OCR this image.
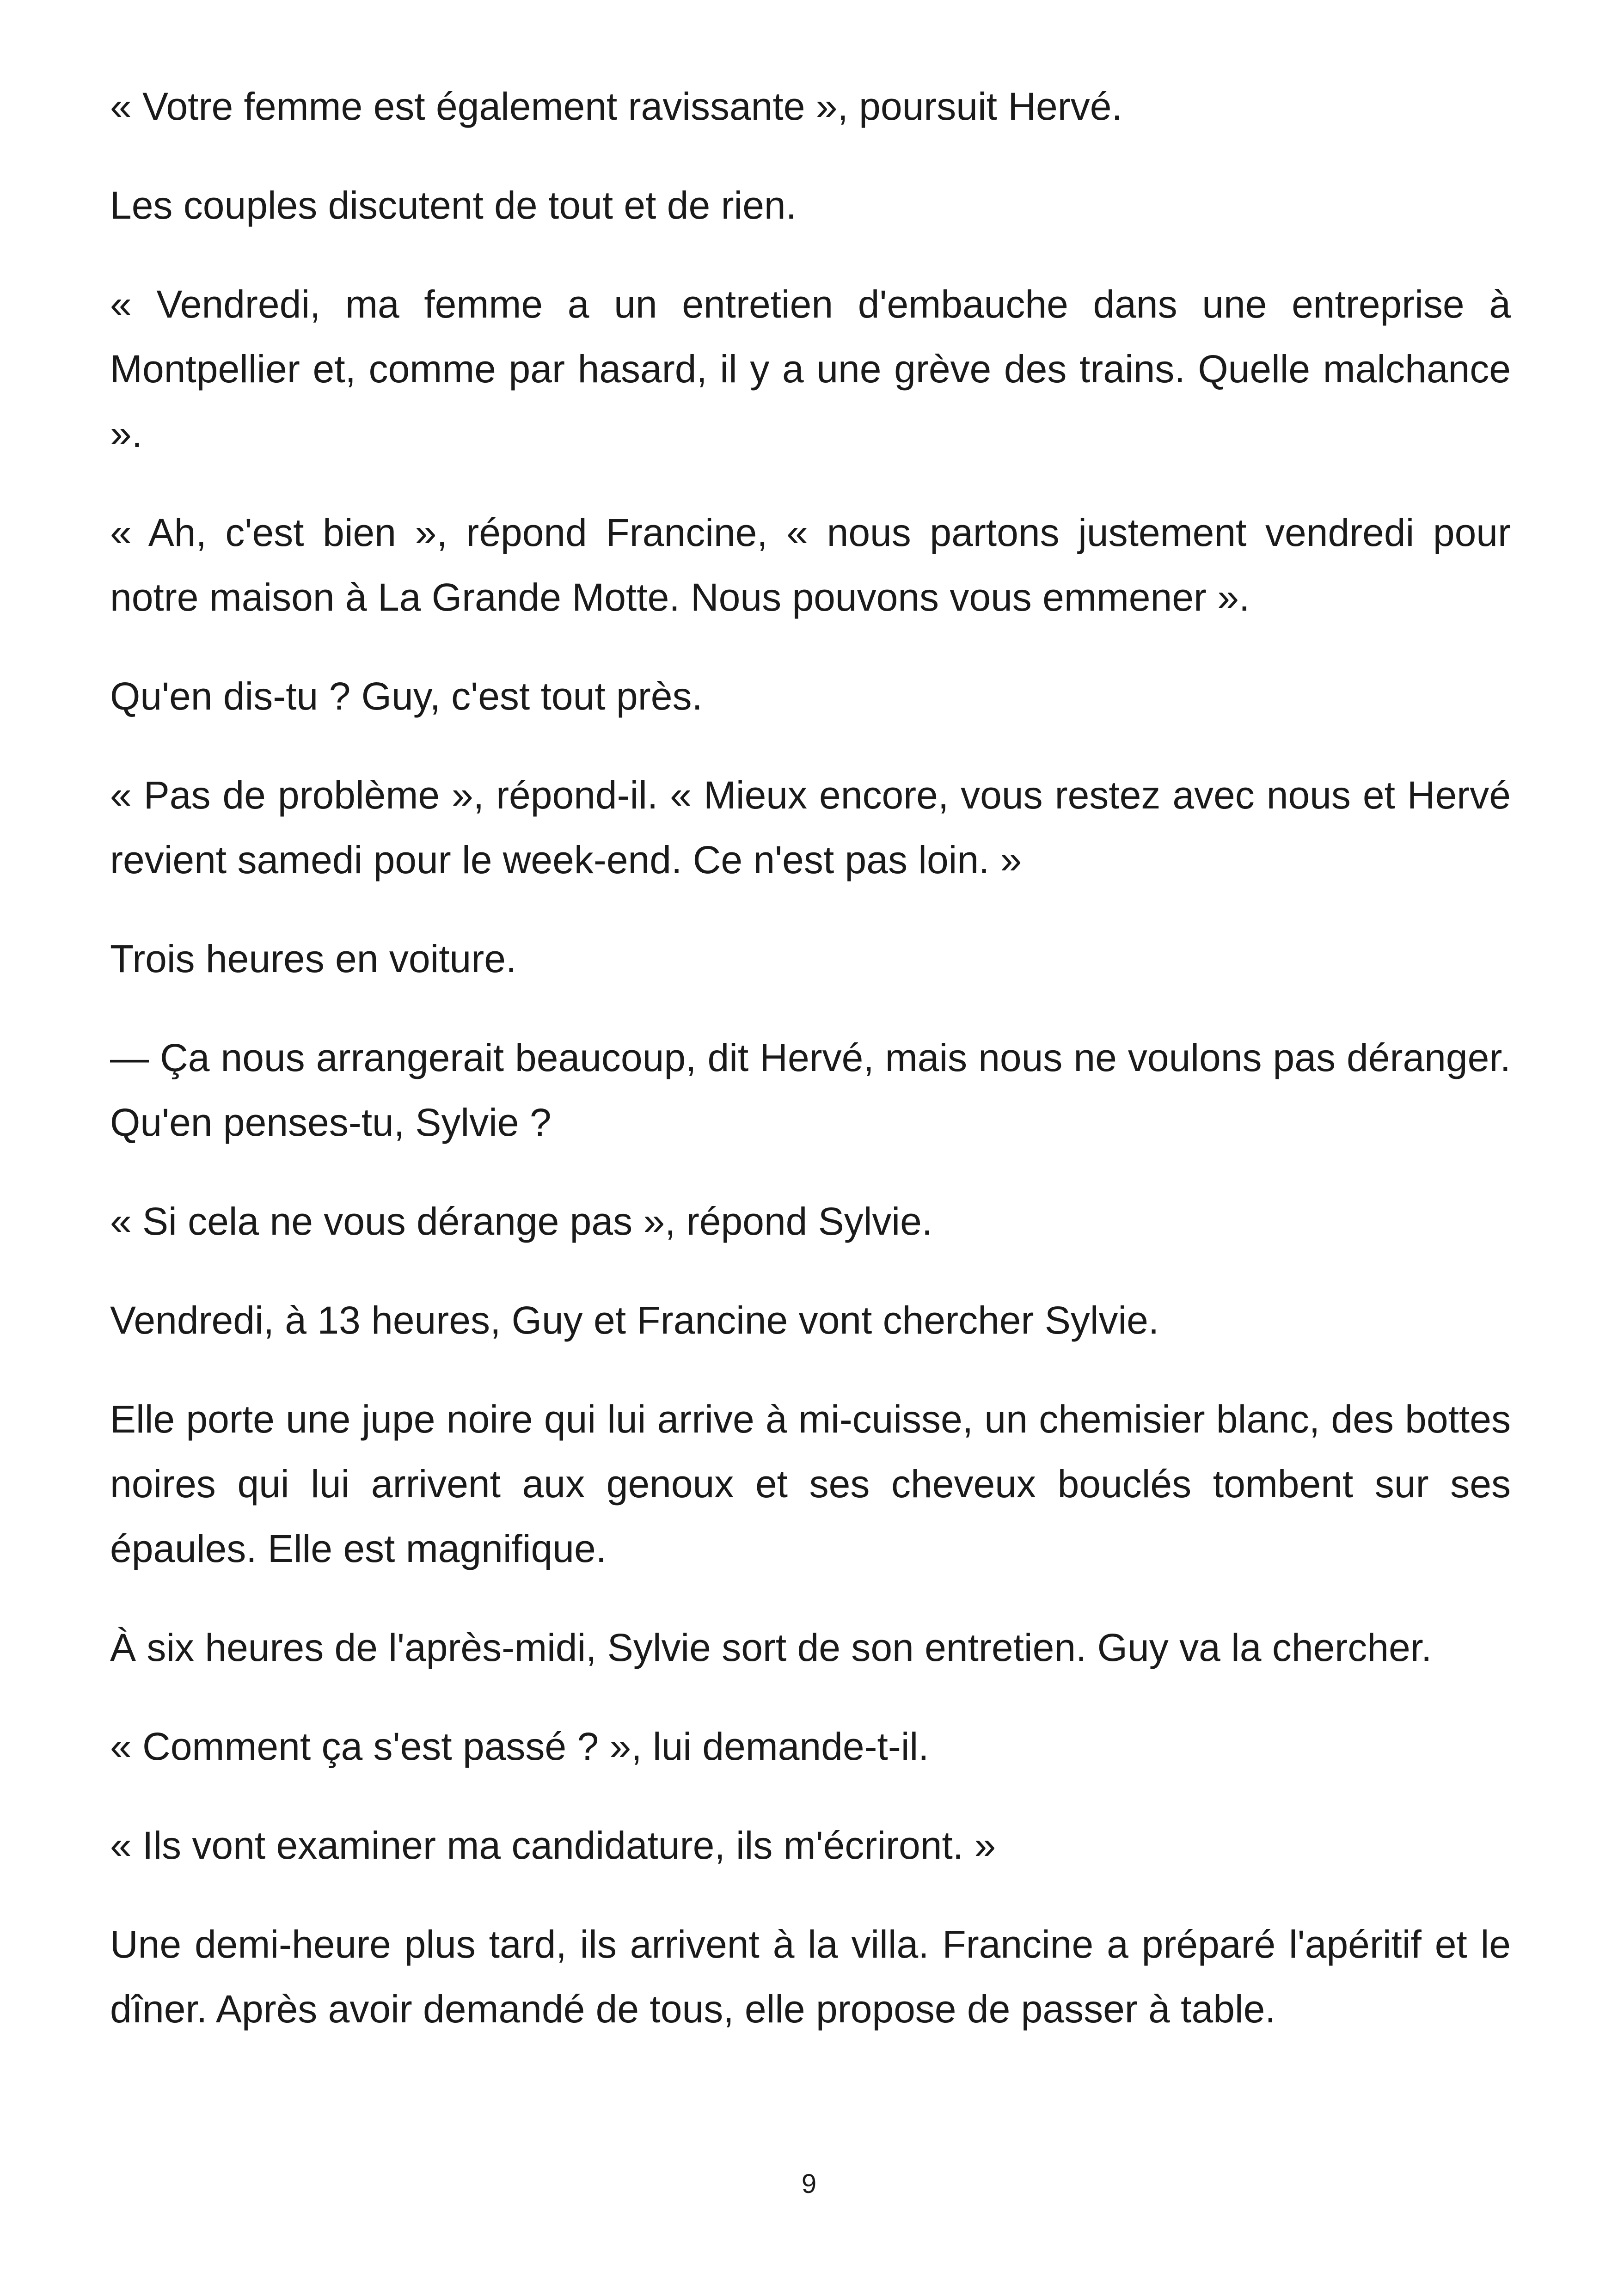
« Votre femme est également ravissante », poursuit Hervé.

Les couples discutent de tout et de rien.

« Vendredi, ma femme a un entretien d'embauche dans une entreprise à Montpellier et, comme par hasard, il y a une grève des trains. Quelle malchance ».

« Ah, c'est bien », répond Francine, « nous partons justement vendredi pour notre maison à La Grande Motte. Nous pouvons vous emmener ».

Qu'en dis-tu ? Guy, c'est tout près.

« Pas de problème », répond-il. « Mieux encore, vous restez avec nous et Hervé revient samedi pour le week-end. Ce n'est pas loin. »

Trois heures en voiture.

— Ça nous arrangerait beaucoup, dit Hervé, mais nous ne voulons pas déranger. Qu'en penses-tu, Sylvie ?

« Si cela ne vous dérange pas », répond Sylvie.

Vendredi, à 13 heures, Guy et Francine vont chercher Sylvie.

Elle porte une jupe noire qui lui arrive à mi-cuisse, un chemisier blanc, des bottes noires qui lui arrivent aux genoux et ses cheveux bouclés tombent sur ses épaules. Elle est magnifique.

À six heures de l'après-midi, Sylvie sort de son entretien. Guy va la chercher.

« Comment ça s'est passé ? », lui demande-t-il.

« Ils vont examiner ma candidature, ils m'écriront. »

Une demi-heure plus tard, ils arrivent à la villa. Francine a préparé l'apéritif et le dîner. Après avoir demandé de tous, elle propose de passer à table.

9
